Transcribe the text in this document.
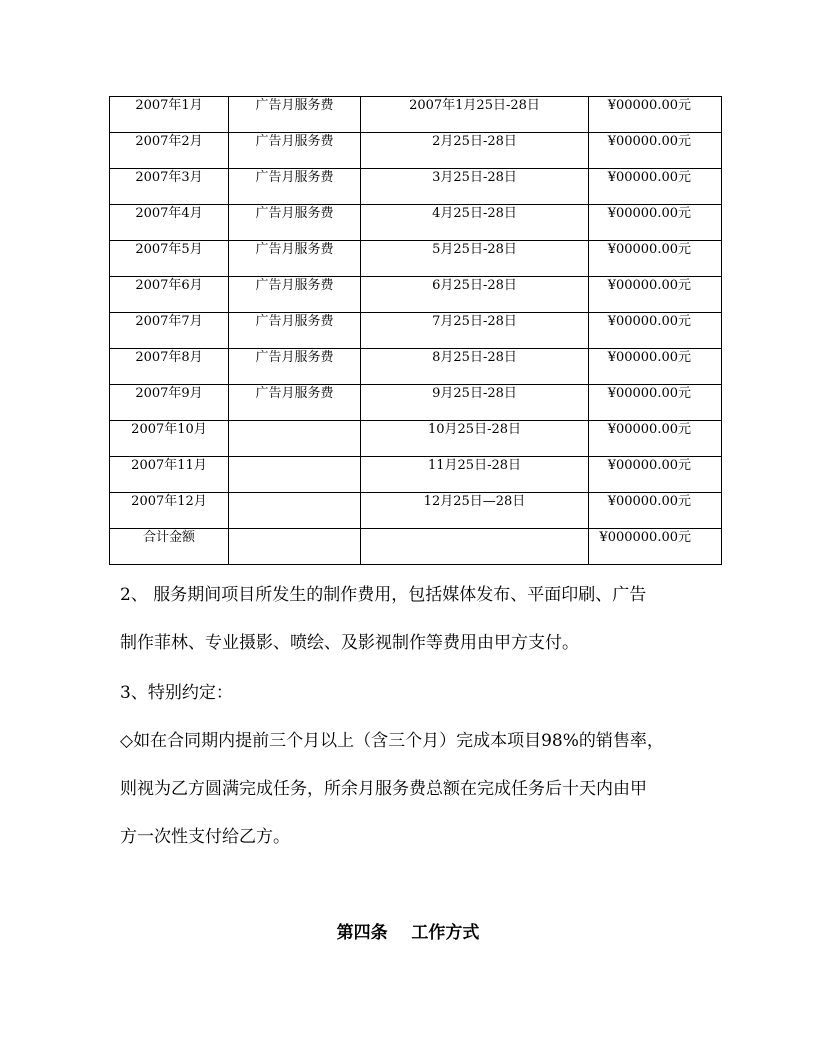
2007年1月	广告月服务费	2007年1月25日-28日	¥00000.00元
2007年2月	广告月服务费	2月25日-28日	¥00000.00元
2007年3月	广告月服务费	3月25日-28日	¥00000.00元
2007年4月	广告月服务费	4月25日-28日	¥00000.00元
2007年5月	广告月服务费	5月25日-28日	¥00000.00元
2007年6月	广告月服务费	6月25日-28日	¥00000.00元
2007年7月	广告月服务费	7月25日-28日	¥00000.00元
2007年8月	广告月服务费	8月25日-28日	¥00000.00元
2007年9月	广告月服务费	9月25日-28日	¥00000.00元
2007年10月		10月25日-28日	¥00000.00元
2007年11月		11月25日-28日	¥00000.00元
2007年12月		12月25日—28日	¥00000.00元
合计金额			¥000000.00元

2、 服务期间项目所发生的制作费用，包括媒体发布、平面印刷、广告

制作菲林、专业摄影、喷绘、及影视制作等费用由甲方支付。

3、特别约定：

◇如在合同期内提前三个月以上（含三个月）完成本项目98%的销售率，

则视为乙方圆满完成任务，所余月服务费总额在完成任务后十天内由甲

方一次性支付给乙方。

第四条    工作方式
